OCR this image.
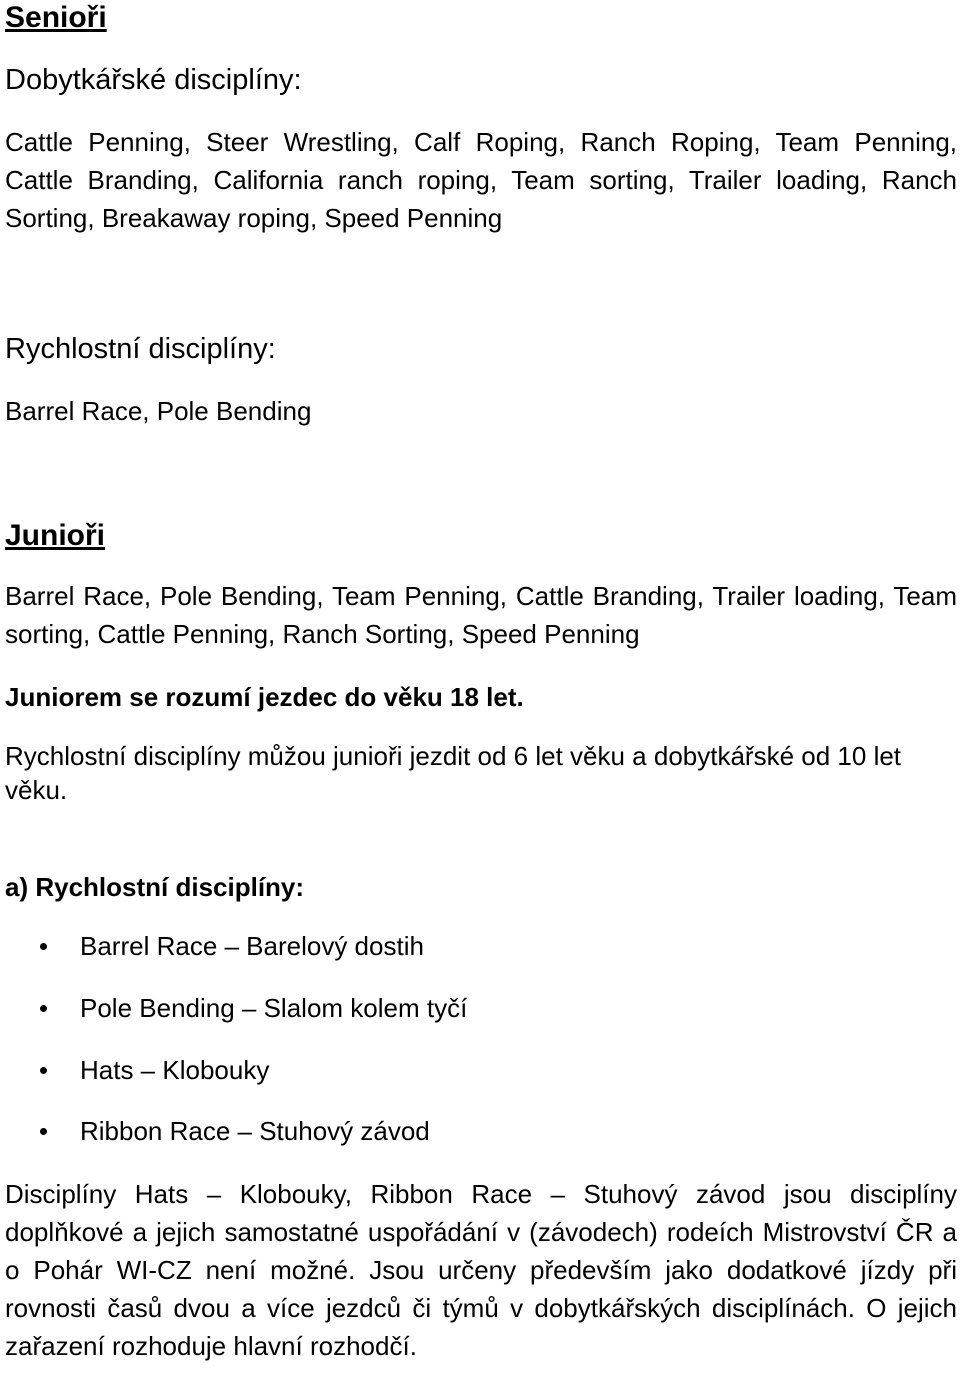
Senioři
Dobytkářské disciplíny:
Cattle Penning, Steer Wrestling, Calf Roping, Ranch Roping, Team Penning, Cattle Branding, California ranch roping, Team sorting, Trailer loading, Ranch Sorting, Breakaway roping, Speed Penning
Rychlostní disciplíny:
Barrel Race, Pole Bending
Junioři
Barrel Race, Pole Bending, Team Penning, Cattle Branding, Trailer loading, Team sorting, Cattle Penning, Ranch Sorting, Speed Penning
Juniorem se rozumí jezdec do věku 18 let.
Rychlostní disciplíny můžou junioři jezdit od 6 let věku a dobytkářské od 10 let věku.
a) Rychlostní disciplíny:
Barrel Race – Barelový dostih
Pole Bending – Slalom kolem tyčí
Hats – Klobouky
Ribbon Race – Stuhový závod
Disciplíny Hats – Klobouky, Ribbon Race – Stuhový závod jsou disciplíny doplňkové a jejich samostatné uspořádání v (závodech) rodeích Mistrovství ČR a o Pohár WI-CZ není možné. Jsou určeny především jako dodatkové jízdy při rovnosti časů dvou a více jezdců či týmů v dobytkářských disciplínách. O jejich zařazení rozhoduje hlavní rozhodčí.
